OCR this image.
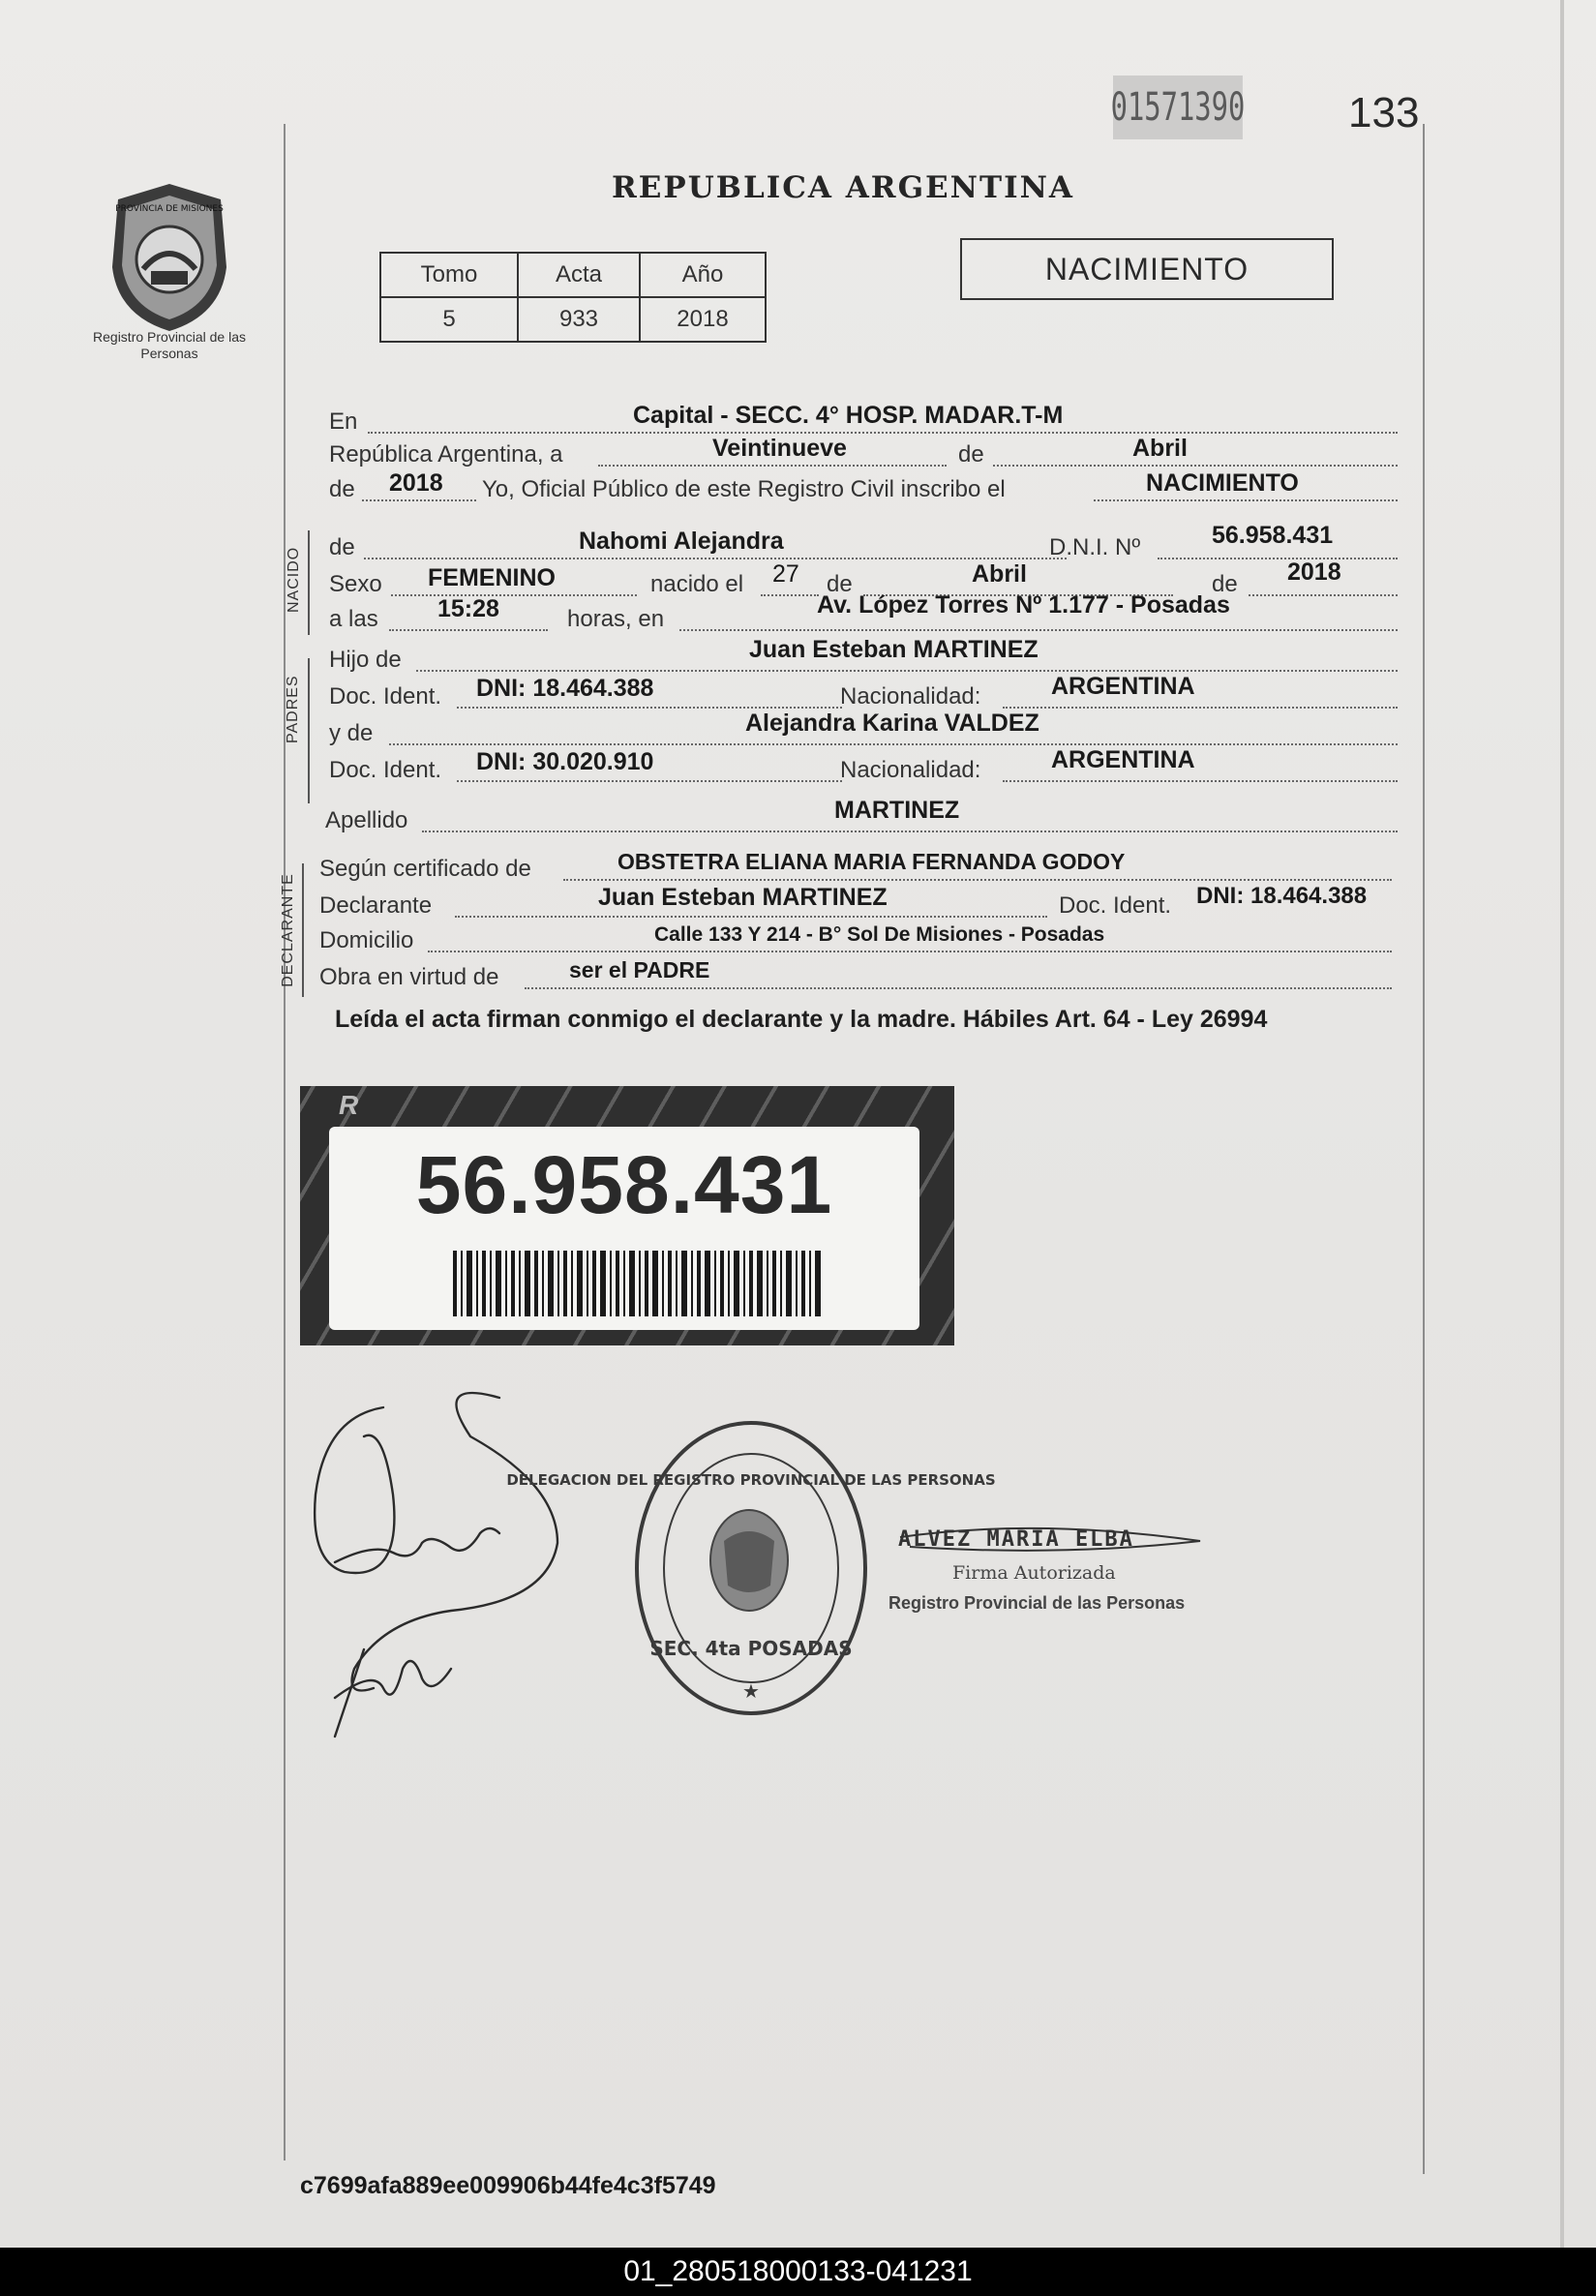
01571390 133
PROVINCIA DE MISIONES
Registro Provincial de las Personas
REPUBLICA ARGENTINA
Tomo	Acta	Año
5	933	2018
NACIMIENTO
En	Capital - SECC. 4° HOSP. MADAR.T-M
República Argentina, a	Veintinueve	de	Abril
de 2018 Yo, Oficial Público de este Registro Civil inscribo el	NACIMIENTO
NACIDO de	Nahomi Alejandra	D.N.I. Nº	56.958.431
Sexo FEMENINO	nacido el 27 de	Abril	de 2018
a las 15:28	horas, en
Av. López Torres Nº 1.177 - Posadas
PADRES
Hijo de	Juan Esteban MARTINEZ
Doc. Ident. DNI: 18.464.388	Nacionalidad:	ARGENTINA
y de	Alejandra Karina VALDEZ
Doc. Ident. DNI: 30.020.910	Nacionalidad:	ARGENTINA
Apellido	MARTINEZ
DECLARANTE
Según certificado de	OBSTETRA ELIANA MARIA FERNANDA GODOY
Declarante	Juan Esteban MARTINEZ	Doc. Ident. DNI: 18.464.388
Domicilio	Calle 133 Y 214 - B° Sol De Misiones - Posadas
Obra en virtud de	ser el PADRE
Leída el acta firman conmigo el declarante y la madre. Hábiles Art. 64 - Ley 26994
R
56.958.431
DELEGACION DEL REGISTRO PROVINCIAL DE LAS PERSONAS
SEC. 4ta POSADAS
★
ALVEZ MARIA ELBA
Firma Autorizada
Registro Provincial de las Personas
c7699afa889ee009906b44fe4c3f5749
01_280518000133-041231
